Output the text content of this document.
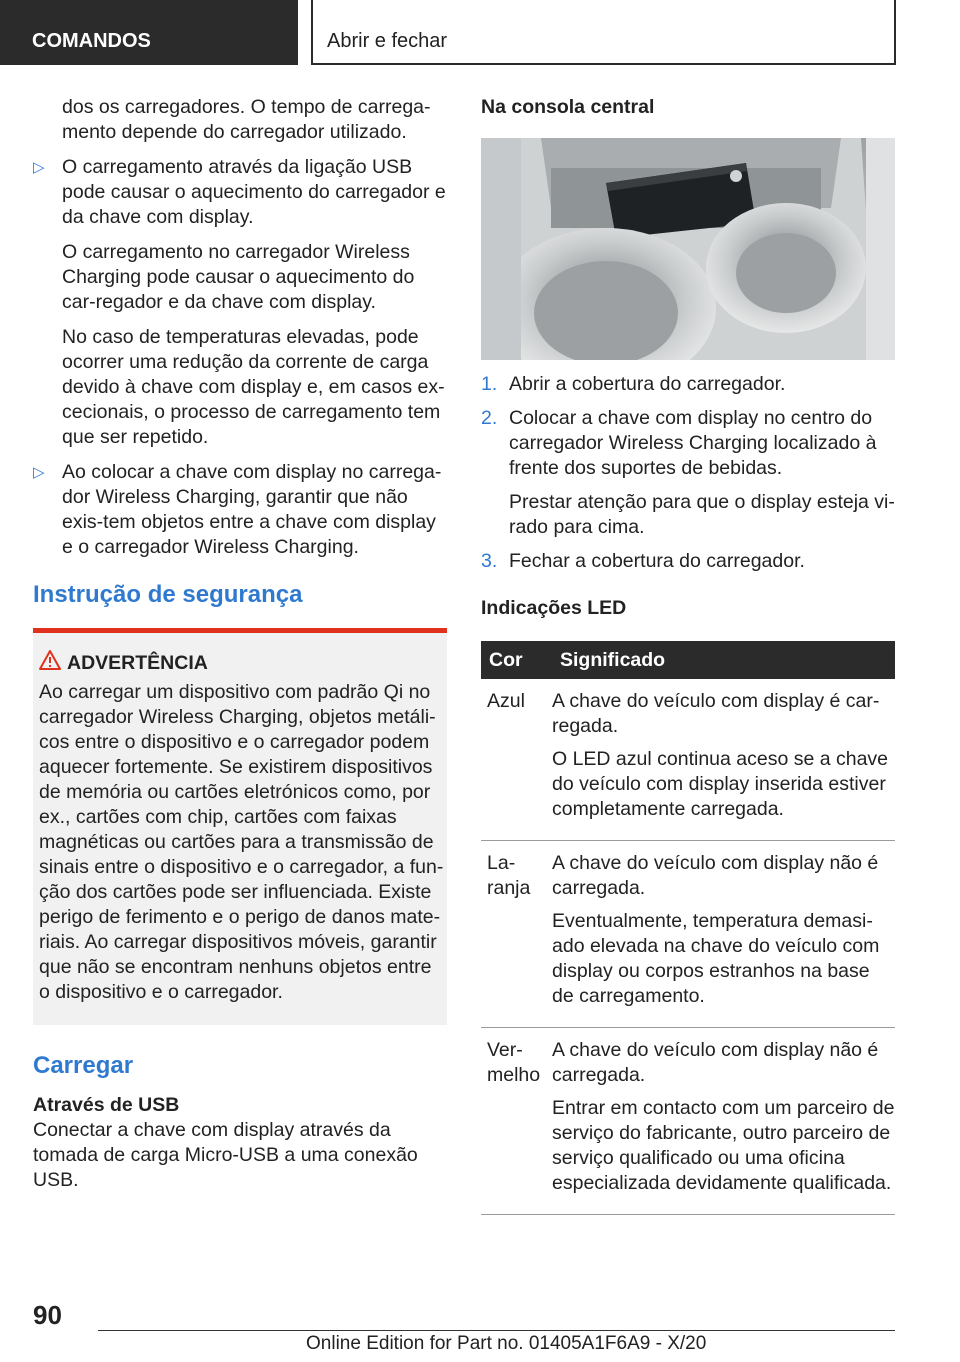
COMANDOS	Abrir e fechar

dos os carregadores. O tempo de carrega-mento depende do carregador utilizado.

▷ O carregamento através da ligação USB pode causar o aquecimento do carregador e da chave com display.

O carregamento no carregador Wireless Charging pode causar o aquecimento do car-regador e da chave com display.

No caso de temperaturas elevadas, pode ocorrer uma redução da corrente de carga devido à chave com display e, em casos ex-cecionais, o processo de carregamento tem que ser repetido.

▷ Ao colocar a chave com display no carrega-dor Wireless Charging, garantir que não exis-tem objetos entre a chave com display e o carregador Wireless Charging.

Instrução de segurança
ADVERTÊNCIA
Ao carregar um dispositivo com padrão Qi no carregador Wireless Charging, objetos metáli-cos entre o dispositivo e o carregador podem aquecer fortemente. Se existirem dispositivos de memória ou cartões eletrónicos como, por ex., cartões com chip, cartões com faixas magnéticas ou cartões para a transmissão de sinais entre o dispositivo e o carregador, a fun-ção dos cartões pode ser influenciada. Existe perigo de ferimento e o perigo de danos mate-riais. Ao carregar dispositivos móveis, garantir que não se encontram nenhuns objetos entre o dispositivo e o carregador.
Carregar
Através de USB

Conectar a chave com display através da tomada de carga Micro-USB a uma conexão USB.

Na consola central
1. Abrir a cobertura do carregador.
2. Colocar a chave com display no centro do carregador Wireless Charging localizado à frente dos suportes de bebidas.
Prestar atenção para que o display esteja vi-rado para cima.
3. Fechar a cobertura do carregador.
Indicações LED
Cor	Significado
Azul	A chave do veículo com display é car-regada.

O LED azul continua aceso se a chave do veículo com display inserida estiver completamente carregada.

La-ranja	A chave do veículo com display não é carregada.

Eventualmente, temperatura demasi-ado elevada na chave do veículo com display ou corpos estranhos na base de carregamento.

Ver-melho	A chave do veículo com display não é carregada.

Entrar em contacto com um parceiro de serviço do fabricante, outro parceiro de serviço qualificado ou uma oficina especializada devidamente qualificada.

90
Online Edition for Part no. 01405A1F6A9 - X/20
